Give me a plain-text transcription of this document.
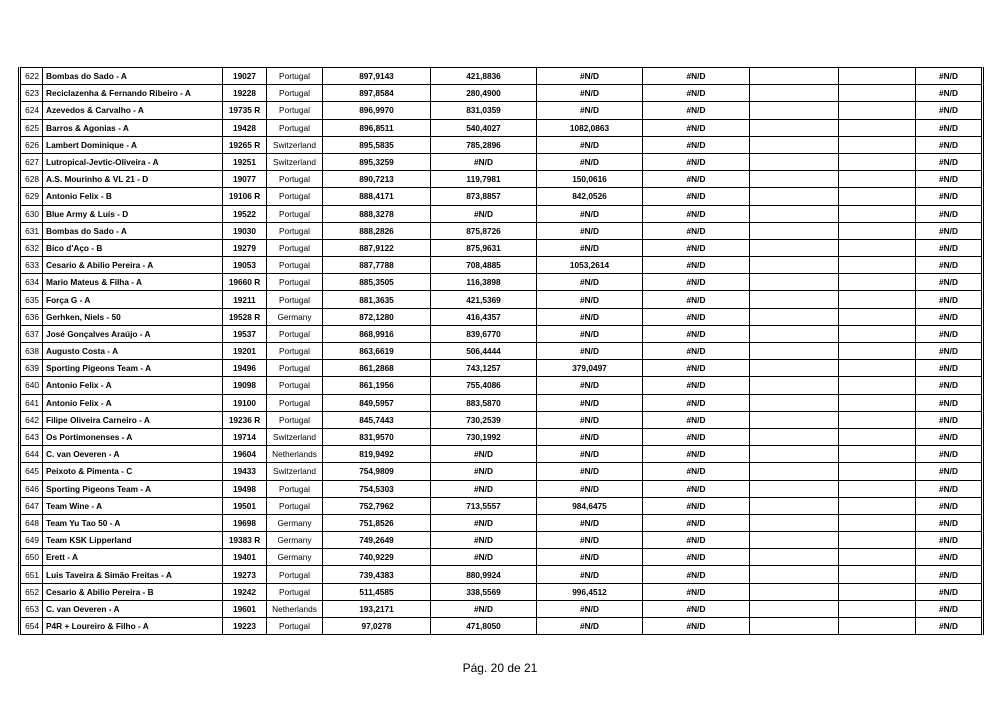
622	Bombas do Sado - A	19027	Portugal	897,9143	421,8836	#N/D	#N/D			#N/D
623	Reciclazenha & Fernando Ribeiro - A	19228	Portugal	897,8584	280,4900	#N/D	#N/D			#N/D
624	Azevedos & Carvalho - A	19735 R	Portugal	896,9970	831,0359	#N/D	#N/D			#N/D
625	Barros & Agonias - A	19428	Portugal	896,8511	540,4027	1082,0863	#N/D			#N/D
626	Lambert Dominique - A	19265 R	Switzerland	895,5835	785,2896	#N/D	#N/D			#N/D
627	Lutropical-Jevtic-Oliveira - A	19251	Switzerland	895,3259	#N/D	#N/D	#N/D			#N/D
628	A.S. Mourinho & VL 21 - D	19077	Portugal	890,7213	119,7981	150,0616	#N/D			#N/D
629	Antonio Felix - B	19106 R	Portugal	888,4171	873,8857	842,0526	#N/D			#N/D
630	Blue Army & Luís - D	19522	Portugal	888,3278	#N/D	#N/D	#N/D			#N/D
631	Bombas do Sado - A	19030	Portugal	888,2826	875,8726	#N/D	#N/D			#N/D
632	Bico d'Aço - B	19279	Portugal	887,9122	875,9631	#N/D	#N/D			#N/D
633	Cesario & Abilio Pereira - A	19053	Portugal	887,7788	708,4885	1053,2614	#N/D			#N/D
634	Mario Mateus & Filha - A	19660 R	Portugal	885,3505	116,3898	#N/D	#N/D			#N/D
635	Força G - A	19211	Portugal	881,3635	421,5369	#N/D	#N/D			#N/D
636	Gerhken, Niels - 50	19528 R	Germany	872,1280	416,4357	#N/D	#N/D			#N/D
637	José Gonçalves Araújo - A	19537	Portugal	868,9916	839,6770	#N/D	#N/D			#N/D
638	Augusto Costa - A	19201	Portugal	863,6619	506,4444	#N/D	#N/D			#N/D
639	Sporting Pigeons Team - A	19496	Portugal	861,2868	743,1257	379,0497	#N/D			#N/D
640	Antonio Felix - A	19098	Portugal	861,1956	755,4086	#N/D	#N/D			#N/D
641	Antonio Felix - A	19100	Portugal	849,5957	883,5870	#N/D	#N/D			#N/D
642	Filipe Oliveira Carneiro - A	19236 R	Portugal	845,7443	730,2539	#N/D	#N/D			#N/D
643	Os Portimonenses - A	19714	Switzerland	831,9570	730,1992	#N/D	#N/D			#N/D
644	C. van Oeveren - A	19604	Netherlands	819,9492	#N/D	#N/D	#N/D			#N/D
645	Peixoto & Pimenta - C	19433	Switzerland	754,9809	#N/D	#N/D	#N/D			#N/D
646	Sporting Pigeons Team - A	19498	Portugal	754,5303	#N/D	#N/D	#N/D			#N/D
647	Team Wine - A	19501	Portugal	752,7962	713,5557	984,6475	#N/D			#N/D
648	Team Yu Tao 50 - A	19698	Germany	751,8526	#N/D	#N/D	#N/D			#N/D
649	Team KSK Lipperland	19383 R	Germany	749,2649	#N/D	#N/D	#N/D			#N/D
650	Erett - A	19401	Germany	740,9229	#N/D	#N/D	#N/D			#N/D
651	Luis Taveira & Simão Freitas - A	19273	Portugal	739,4383	880,9924	#N/D	#N/D			#N/D
652	Cesario & Abilio Pereira - B	19242	Portugal	511,4585	338,5569	996,4512	#N/D			#N/D
653	C. van Oeveren - A	19601	Netherlands	193,2171	#N/D	#N/D	#N/D			#N/D
654	P4R + Loureiro & Filho - A	19223	Portugal	97,0278	471,8050	#N/D	#N/D			#N/D
Pág. 20 de 21
